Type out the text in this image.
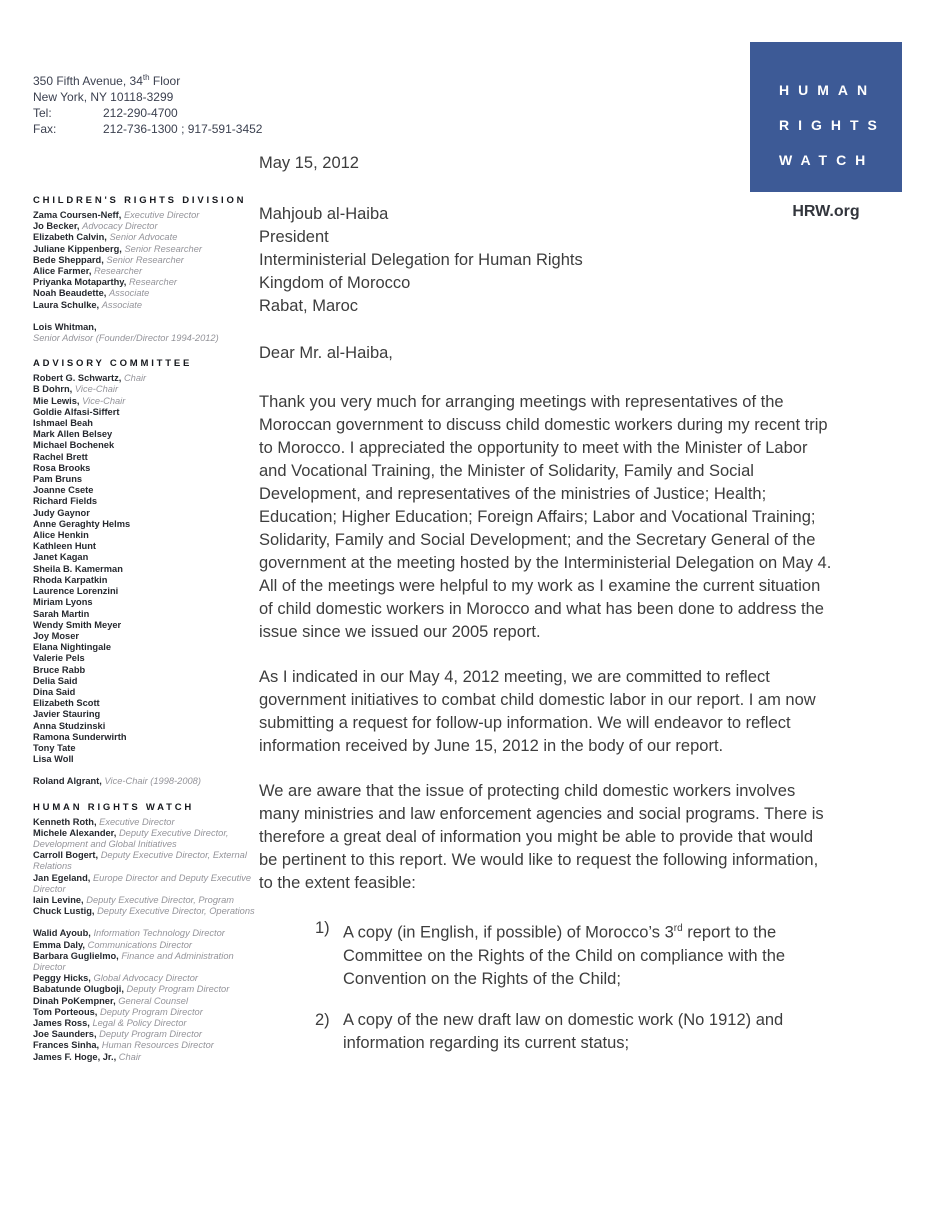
350 Fifth Avenue, 34th Floor
New York, NY 10118-3299
Tel:	212-290-4700
Fax:	212-736-1300 ; 917-591-3452
HUMAN
RIGHTS
WATCH
HRW.org
CHILDREN'S RIGHTS DIVISION
Zama Coursen-Neff, Executive Director
Jo Becker, Advocacy Director
Elizabeth Calvin, Senior Advocate
Juliane Kippenberg, Senior Researcher
Bede Sheppard, Senior Researcher
Alice Farmer, Researcher
Priyanka Motaparthy, Researcher
Noah Beaudette, Associate
Laura Schulke, Associate
Lois Whitman,
Senior Advisor (Founder/Director 1994-2012)
ADVISORY COMMITTEE
Robert G. Schwartz, Chair
B Dohrn, Vice-Chair
Mie Lewis, Vice-Chair
Goldie Alfasi-Siffert
Ishmael Beah
Mark Allen Belsey
Michael Bochenek
Rachel Brett
Rosa Brooks
Pam Bruns
Joanne Csete
Richard Fields
Judy Gaynor
Anne Geraghty Helms
Alice Henkin
Kathleen Hunt
Janet Kagan
Sheila B. Kamerman
Rhoda Karpatkin
Laurence Lorenzini
Miriam Lyons
Sarah Martin
Wendy Smith Meyer
Joy Moser
Elana Nightingale
Valerie Pels
Bruce Rabb
Delia Said
Dina Said
Elizabeth Scott
Javier Stauring
Anna Studzinski
Ramona Sunderwirth
Tony Tate
Lisa Woll
Roland Algrant, Vice-Chair (1998-2008)
HUMAN RIGHTS WATCH
Kenneth Roth, Executive Director
Michele Alexander, Deputy Executive Director, Development and Global Initiatives
Carroll Bogert, Deputy Executive Director, External Relations
Jan Egeland, Europe Director and Deputy Executive Director
Iain Levine, Deputy Executive Director, Program
Chuck Lustig, Deputy Executive Director, Operations
Walid Ayoub, Information Technology Director
Emma Daly, Communications Director
Barbara Guglielmo, Finance and Administration Director
Peggy Hicks, Global Advocacy Director
Babatunde Olugboji, Deputy Program Director
Dinah PoKempner, General Counsel
Tom Porteous, Deputy Program Director
James Ross, Legal & Policy Director
Joe Saunders, Deputy Program Director
Frances Sinha, Human Resources Director
James F. Hoge, Jr., Chair
May 15, 2012
Mahjoub al-Haiba
President
Interministerial Delegation for Human Rights
Kingdom of Morocco
Rabat, Maroc
Dear Mr. al-Haiba,
Thank you very much for arranging meetings with representatives of the Moroccan government to discuss child domestic workers during my recent trip to Morocco. I appreciated the opportunity to meet with the Minister of Labor and Vocational Training, the Minister of Solidarity, Family and Social Development, and representatives of the ministries of Justice; Health; Education; Higher Education; Foreign Affairs; Labor and Vocational Training; Solidarity, Family and Social Development; and the Secretary General of the government at the meeting hosted by the Interministerial Delegation on May 4. All of the meetings were helpful to my work as I examine the current situation of child domestic workers in Morocco and what has been done to address the issue since we issued our 2005 report.
As I indicated in our May 4, 2012 meeting, we are committed to reflect government initiatives to combat child domestic labor in our report. I am now submitting a request for follow-up information. We will endeavor to reflect information received by June 15, 2012 in the body of our report.
We are aware that the issue of protecting child domestic workers involves many ministries and law enforcement agencies and social programs. There is therefore a great deal of information you might be able to provide that would be pertinent to this report. We would like to request the following information, to the extent feasible:
1) A copy (in English, if possible) of Morocco’s 3rd report to the Committee on the Rights of the Child on compliance with the Convention on the Rights of the Child;
2) A copy of the new draft law on domestic work (No 1912) and information regarding its current status;
